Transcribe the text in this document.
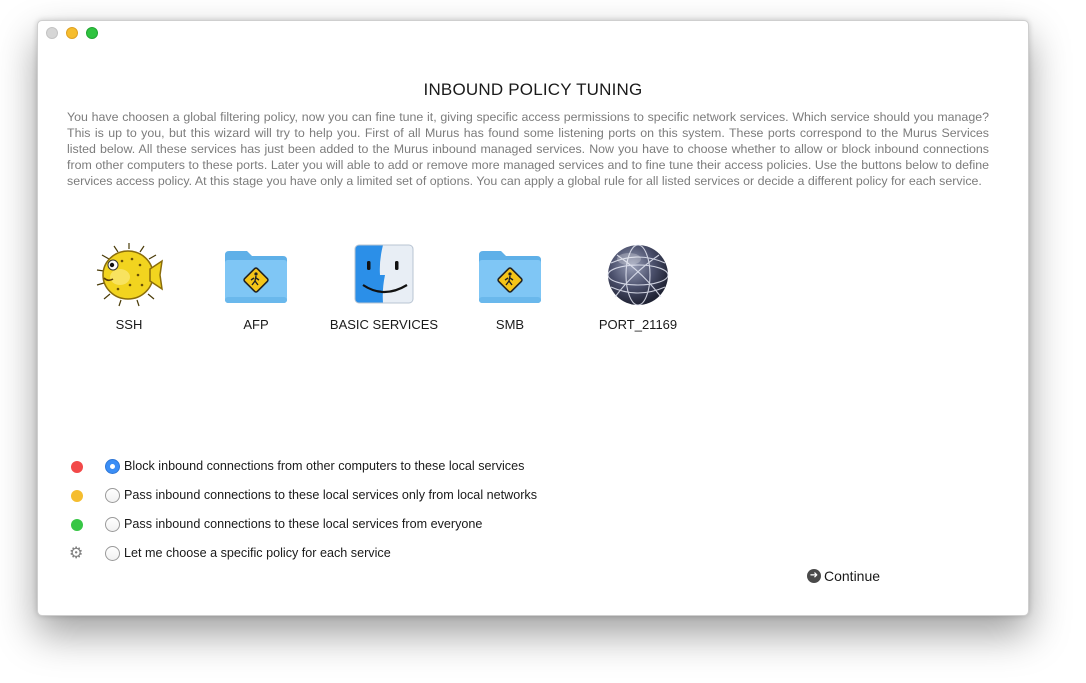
INBOUND POLICY TUNING
You have choosen a global filtering policy, now you can fine tune it, giving specific access permissions to specific network services. Which service should you manage? This is up to you, but this wizard will try to help you. First of all Murus has found some listening ports on this system. These ports correspond to the Murus Services listed below. All these services has just been added to the Murus inbound managed services. Now you have to choose whether to allow or block inbound connections from other computers to these ports. Later you will able to add or remove more managed services and to fine tune their access policies. Use the buttons below to define services access policy. At this stage you have only a limited set of options. You can apply a global rule for all listed services or decide a different policy for each service.
SSH	AFP	BASIC SERVICES	SMB	PORT_21169
Block inbound connections from other computers to these local services
Pass inbound connections to these local services only from local networks
Pass inbound connections to these local services from everyone
⚙	Let me choose a specific policy for each service
➜ Continue
